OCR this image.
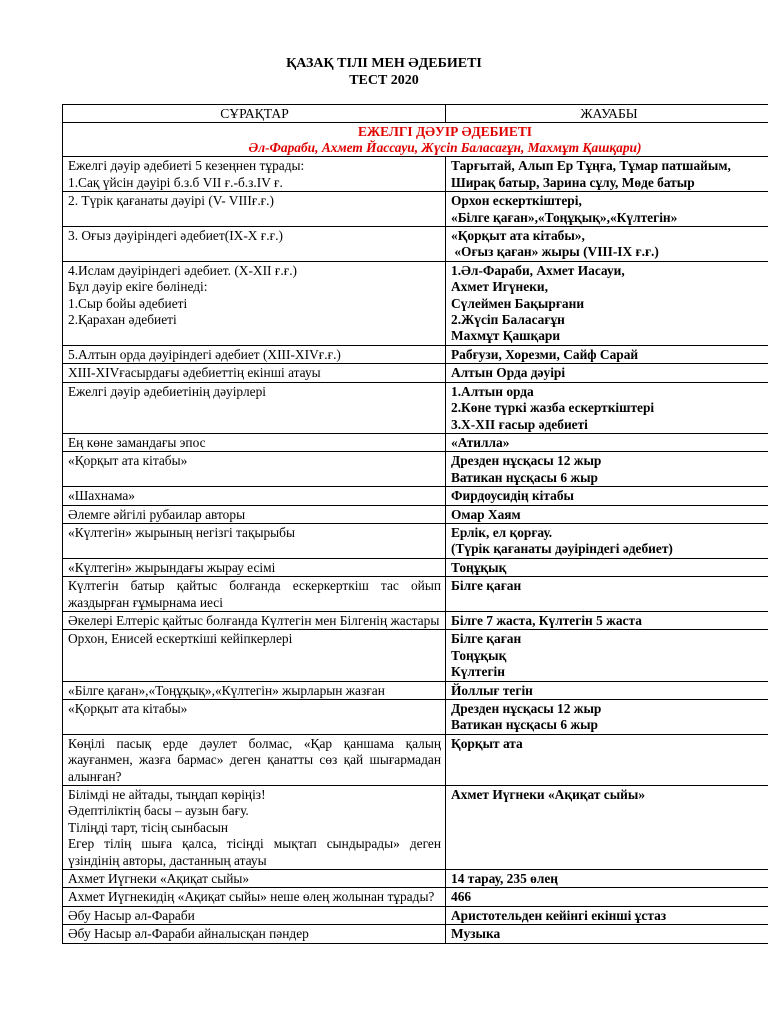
ҚАЗАҚ ТІЛІ МЕН ӘДЕБИЕТІ
ТЕСТ 2020
СҰРАҚТАР	ЖАУАБЫ

ЕЖЕЛГІ ДӘУІР ӘДЕБИЕТІ
Әл-Фараби, Ахмет Йассауи, Жүсіп Баласағұн, Махмұт Қашқари)	

Ежелгі дәуір әдебиеті 5 кезеңнен тұрады:
1.Сақ үйсін дәуірі б.з.б VII ғ.-б.з.IV ғ.	Тарғытай, Алып Ер Тұңға, Тұмар патшайым, Ширақ батыр, Зарина сұлу, Мөде батыр

2. Түрік қағанаты дәуірі (V- VIIIғ.ғ.)	Орхон ескерткіштері,
«Білге қаған»,«Тоңұқық»,«Күлтегін»

3. Оғыз дәуіріндегі әдебиет(IX-X ғ.ғ.)	«Қорқыт ата кітабы»,
«Оғыз қаған» жыры (VIII-IX ғ.ғ.)

4.Ислам дәуіріндегі әдебиет. (X-XII ғ.ғ.)
Бұл дәуір екіге бөлінеді:
1.Сыр бойы әдебиеті
2.Қарахан әдебиеті	1.Әл-Фараби, Ахмет Иасауи,
Ахмет Игүнеки,
Сүлеймен Бақырғани
2.Жүсіп Баласағұн
Махмұт Қашқари

5.Алтын орда дәуіріндегі әдебиет (XIII-XIVғ.ғ.)	Рабғузи, Хорезми, Сайф Сарай

XIII-XIVғасырдағы әдебиеттің екінші атауы	Алтын Орда дәуірі

Ежелгі дәуір әдебиетінің дәуірлері	1.Алтын орда
2.Көне түркі жазба ескерткіштері
3.X-XII ғасыр әдебиеті

Ең көне замандағы эпос	«Атилла»

«Қорқыт ата кітабы»	Дрезден нұсқасы 12 жыр
Ватикан нұсқасы 6 жыр

«Шахнама»	Фирдоусидің кітабы

Әлемге әйгілі рубаилар авторы	Омар Хаям

«Күлтегін» жырының негізгі тақырыбы	Ерлік, ел қорғау.
(Түрік қағанаты дәуіріндегі әдебиет)

«Күлтегін» жырындағы жырау есімі	Тоңұқық

Күлтегін батыр қайтыс болғанда ескеркерткіш тас ойып жаздырған ғұмырнама иесі	Білге қаған

Әкелері Елтеріс қайтыс болғанда Күлтегін мен Білгенің жастары	Білге 7 жаста, Күлтегін 5 жаста

Орхон, Енисей ескерткіші кейіпкерлері	Білге қаған
Тоңұқық
Күлтегін

«Білге қаған»,«Тоңұқық»,«Күлтегін» жырларын жазған	Йоллығ тегін

«Қорқыт ата кітабы»	Дрезден нұсқасы 12 жыр
Ватикан нұсқасы 6 жыр

Көңілі пасық ерде дәулет болмас, «Қар қаншама қалың жауғанмен, жазға бармас» деген қанатты сөз қай шығармадан алынған?	Қорқыт ата

Білімді не айтады, тыңдап көріңіз!
Әдептіліктің басы – аузын бағу.
Тіліңді тарт, тісің сынбасын
Егер тілің шыға қалса, тісіңді мықтап сындырады» деген үзіндінің авторы, дастанның атауы	Ахмет Иүгнеки «Ақиқат сыйы»

Ахмет Иүгнеки «Ақиқат сыйы»	14 тарау, 235 өлең

Ахмет Иүгнекидің «Ақиқат сыйы» неше өлең жолынан тұрады?	466

Әбу Насыр әл-Фараби	Аристотельден кейінгі екінші ұстаз

Әбу Насыр әл-Фараби айналысқан пәндер	Музыка
